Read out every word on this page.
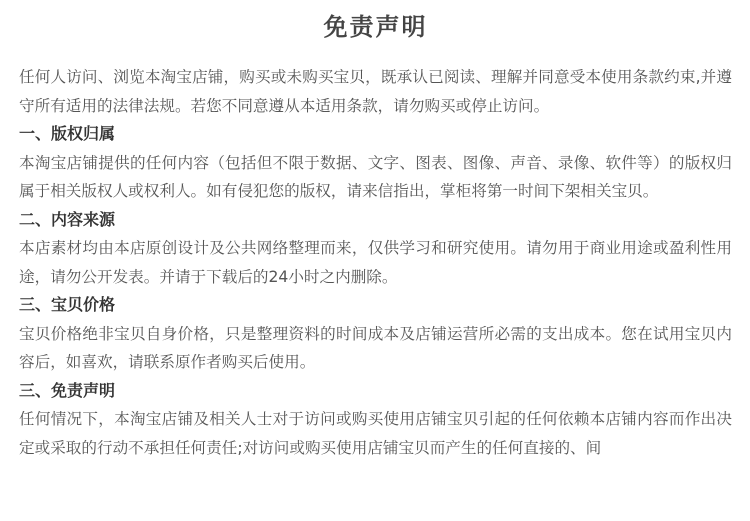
免责声明

任何人访问、浏览本淘宝店铺，购买或未购买宝贝，既承认已阅读、理解并同意受本使用条款约束,并遵守所有适用的法律法规。若您不同意遵从本适用条款，请勿购买或停止访问。

一、版权归属

本淘宝店铺提供的任何内容（包括但不限于数据、文字、图表、图像、声音、录像、软件等）的版权归属于相关版权人或权利人。如有侵犯您的版权，请来信指出，掌柜将第一时间下架相关宝贝。

二、内容来源

本店素材均由本店原创设计及公共网络整理而来，仅供学习和研究使用。请勿用于商业用途或盈利性用途，请勿公开发表。并请于下载后的24小时之内删除。

三、宝贝价格

宝贝价格绝非宝贝自身价格，只是整理资料的时间成本及店铺运营所必需的支出成本。您在试用宝贝内容后，如喜欢，请联系原作者购买后使用。

三、免责声明

任何情况下，本淘宝店铺及相关人士对于访问或购买使用店铺宝贝引起的任何依赖本店铺内容而作出决定或采取的行动不承担任何责任;对访问或购买使用店铺宝贝而产生的任何直接的、间
